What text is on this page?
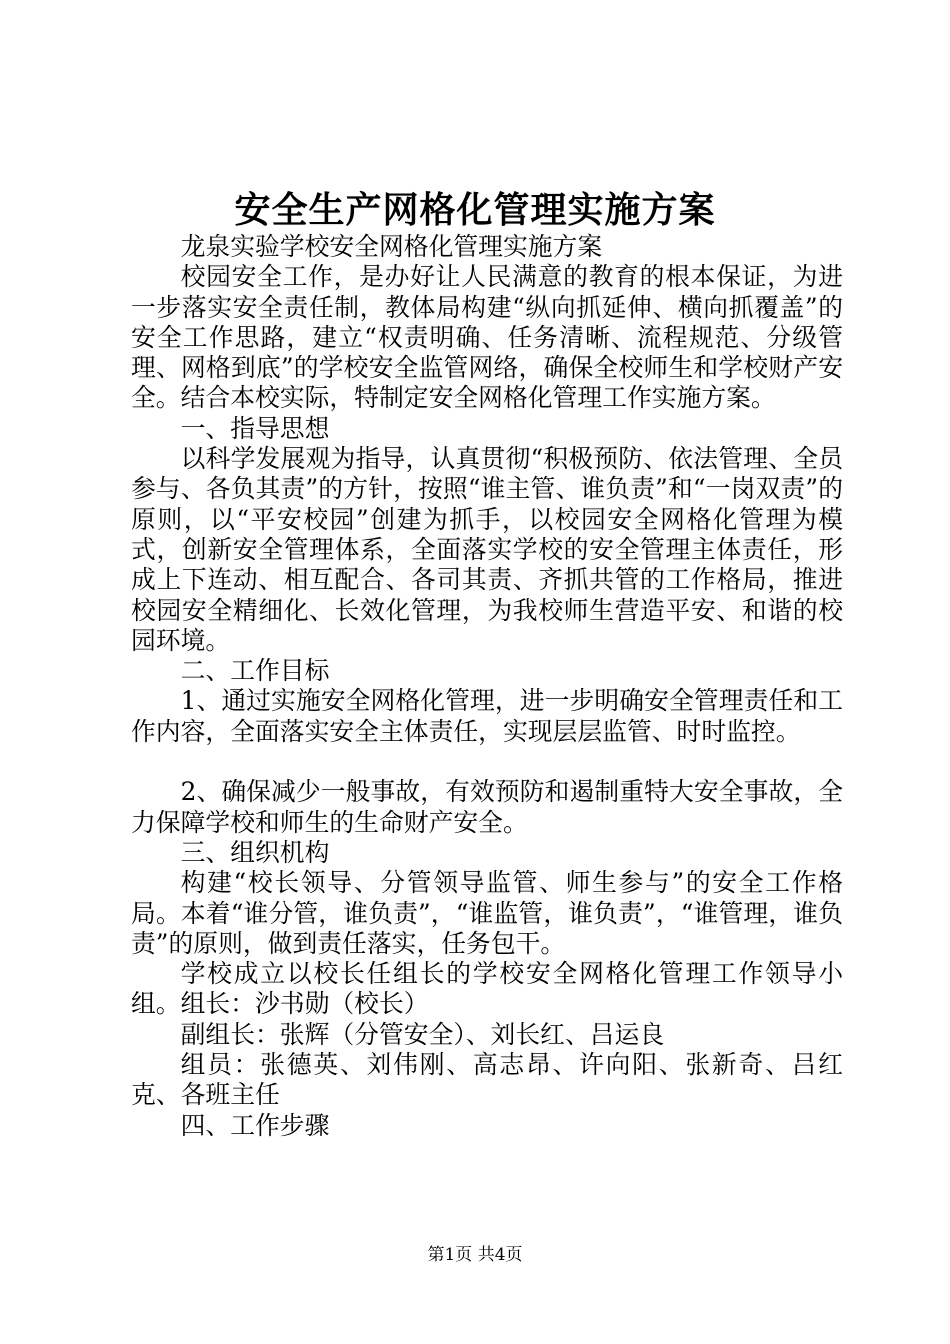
安全生产网格化管理实施方案

龙泉实验学校安全网格化管理实施方案

校园安全工作，是办好让人民满意的教育的根本保证，为进一步落实安全责任制，教体局构建“纵向抓延伸、横向抓覆盖”的安全工作思路，建立“权责明确、任务清晰、流程规范、分级管理、网格到底”的学校安全监管网络，确保全校师生和学校财产安全。结合本校实际，特制定安全网格化管理工作实施方案。

一、指导思想

以科学发展观为指导，认真贯彻“积极预防、依法管理、全员参与、各负其责”的方针，按照“谁主管、谁负责”和“一岗双责”的原则，以“平安校园”创建为抓手，以校园安全网格化管理为模式，创新安全管理体系，全面落实学校的安全管理主体责任，形成上下连动、相互配合、各司其责、齐抓共管的工作格局，推进校园安全精细化、长效化管理，为我校师生营造平安、和谐的校园环境。

二、工作目标

1、通过实施安全网格化管理，进一步明确安全管理责任和工作内容，全面落实安全主体责任，实现层层监管、时时监控。

2、确保减少一般事故，有效预防和遏制重特大安全事故，全力保障学校和师生的生命财产安全。

三、组织机构

构建“校长领导、分管领导监管、师生参与”的安全工作格局。本着“谁分管，谁负责”，“谁监管，谁负责”，“谁管理，谁负责”的原则，做到责任落实，任务包干。

学校成立以校长任组长的学校安全网格化管理工作领导小组。组长：沙书勋（校长）

副组长：张辉（分管安全）、刘长红、吕运良

组员：张德英、刘伟刚、高志昂、许向阳、张新奇、吕红克、各班主任

四、工作步骤

第1页 共4页
